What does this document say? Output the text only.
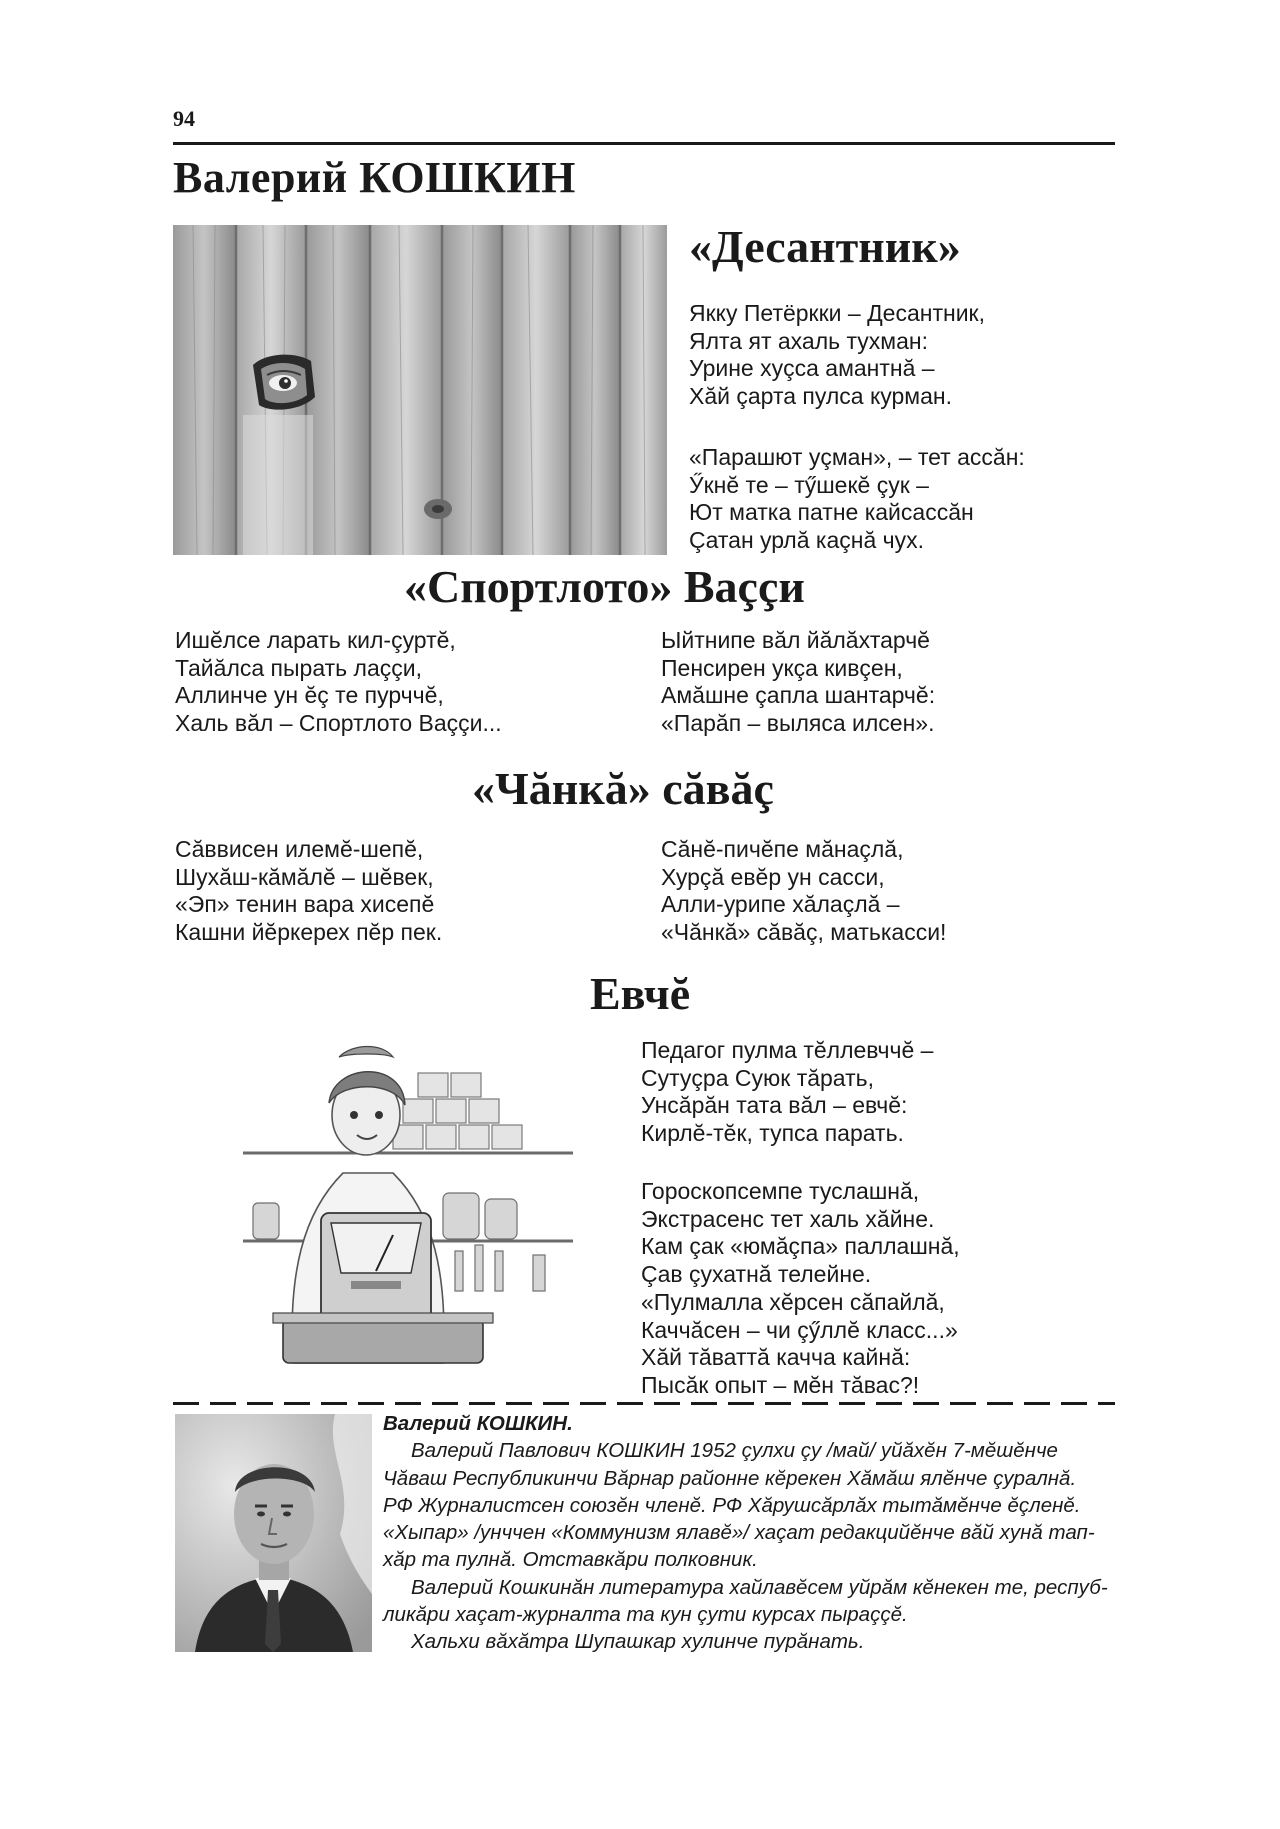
94
Валерий КОШКИН
«Десантник»
Якку Петёркки – Десантник,
Ялта ят ахаль тухман:
Урине хуçса амантнă –
Хăй çарта пулса курман.
«Парашют уçман», – тет ассăн:
Ӳкнĕ те – тӳшекĕ çук –
Ют матка патне кайсассăн
Çатан урлă каçнă чух.
«Спортлото» Ваççи
Ишĕлсе ларать кил-çуртĕ,
Тайăлса пырать лаççи,
Аллинче ун ĕç те пурччĕ,
Халь вăл – Спортлото Ваççи...
Ыйтнипе вăл йăлăхтарчĕ
Пенсирен укçа кивçен,
Амăшне çапла шантарчĕ:
«Парăп – выляса илсен».
«Чăнкă» сăвăç
Сăввисен илемĕ-шепĕ,
Шухăш-кăмăлĕ – шĕвек,
«Эп» тенин вара хисепĕ
Кашни йĕркерех пĕр пек.
Сăнĕ-пичĕпе мăнаçлă,
Хурçă евĕр ун сасси,
Алли-урипе хăлаçлă –
«Чăнкă» сăвăç, матькасси!
Евчĕ
Педагог пулма тĕллевччĕ –
Сутуçра Суюк тăрать,
Унсăрăн тата вăл – евчĕ:
Кирлĕ-тĕк, тупса парать.
Гороскопсемпе туслашнă,
Экстрасенс тет халь хăйне.
Кам çак «юмăçпа» паллашнă,
Çав çухатнă телейне.
«Пулмалла хĕрсен сăпайлă,
Каччăсен – чи çӳллĕ класс...»
Хăй тăваттă качча кайнă:
Пысăк опыт – мĕн тăвас?!
Валерий КОШКИН.
Валерий Павлович КОШКИН 1952 çулхи çу /май/ уйăхĕн 7-мĕшĕнче
Чăваш Республикинчи Вăрнар районне кĕрекен Хăмăш ялĕнче çуралнă.
РФ Журналистсен союзĕн членĕ. РФ Хăрушсăрлăх тытăмĕнче ĕçленĕ.
«Хыпар» /унччен «Коммунизм ялавĕ»/ хаçат редакцийĕнче вăй хунă тап-
хăр та пулнă. Отставкăри полковник.
Валерий Кошкинăн литература хайлавĕсем уйрăм кĕнекен те, респуб-
ликăри хаçат-журналта та кун çути курсах пыраççĕ.
Хальхи вăхăтра Шупашкар хулинче пурăнать.
